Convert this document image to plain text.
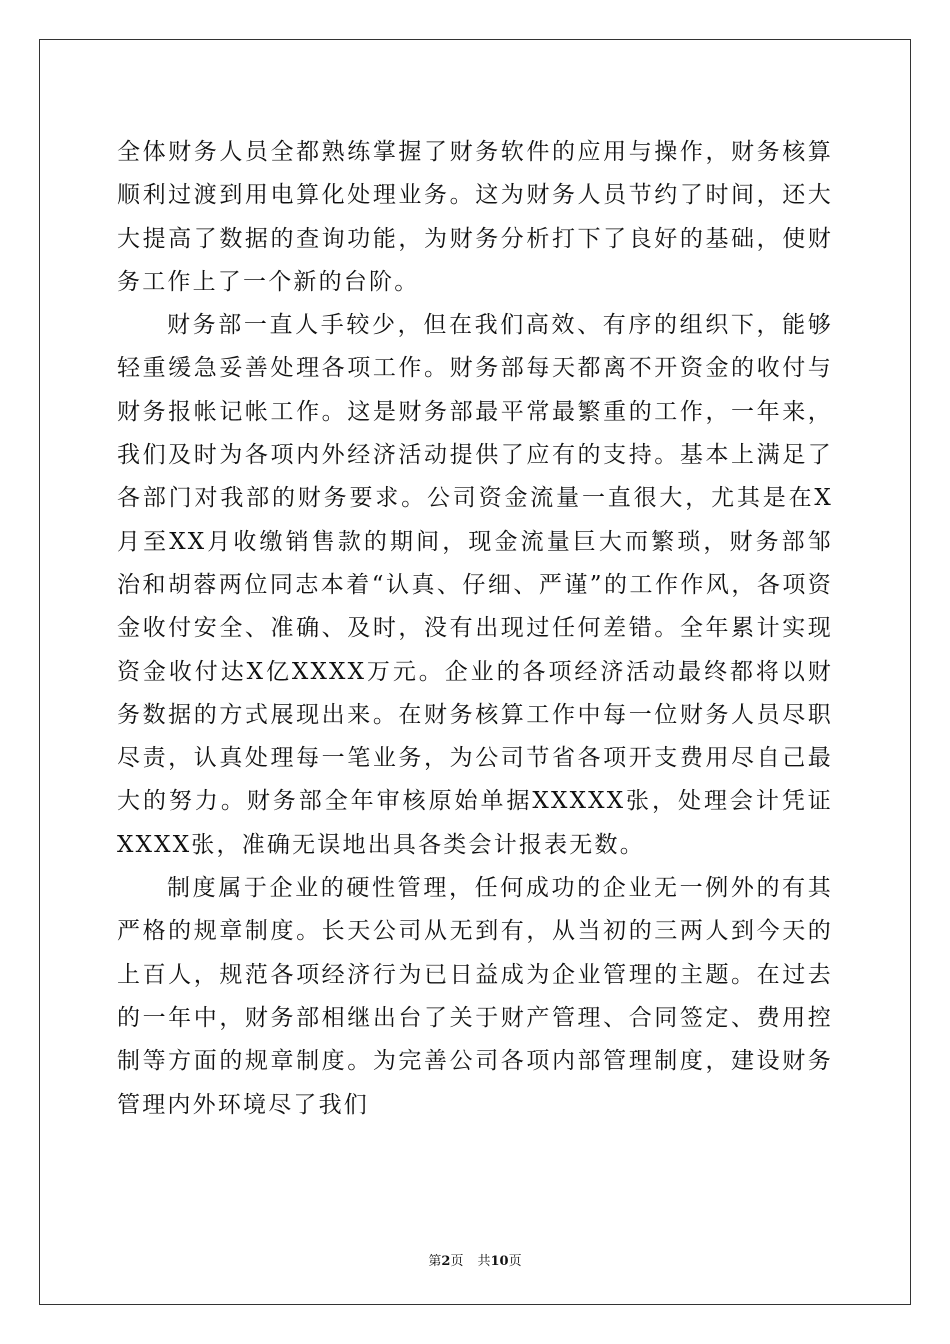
全体财务人员全都熟练掌握了财务软件的应用与操作，财务核算顺利过渡到用电算化处理业务。这为财务人员节约了时间，还大大提高了数据的查询功能，为财务分析打下了良好的基础，使财务工作上了一个新的台阶。

财务部一直人手较少，但在我们高效、有序的组织下，能够轻重缓急妥善处理各项工作。财务部每天都离不开资金的收付与财务报帐记帐工作。这是财务部最平常最繁重的工作，一年来，我们及时为各项内外经济活动提供了应有的支持。基本上满足了各部门对我部的财务要求。公司资金流量一直很大，尤其是在X月至XX月收缴销售款的期间，现金流量巨大而繁琐，财务部邹治和胡蓉两位同志本着“认真、仔细、严谨”的工作作风，各项资金收付安全、准确、及时，没有出现过任何差错。全年累计实现资金收付达X亿XXXX万元。企业的各项经济活动最终都将以财务数据的方式展现出来。在财务核算工作中每一位财务人员尽职尽责，认真处理每一笔业务，为公司节省各项开支费用尽自己最大的努力。财务部全年审核原始单据XXXXX张，处理会计凭证XXXX张，准确无误地出具各类会计报表无数。

制度属于企业的硬性管理，任何成功的企业无一例外的有其严格的规章制度。长天公司从无到有，从当初的三两人到今天的上百人，规范各项经济行为已日益成为企业管理的主题。在过去的一年中，财务部相继出台了关于财产管理、合同签定、费用控制等方面的规章制度。为完善公司各项内部管理制度，建设财务管理内外环境尽了我们

第2页 共10页
